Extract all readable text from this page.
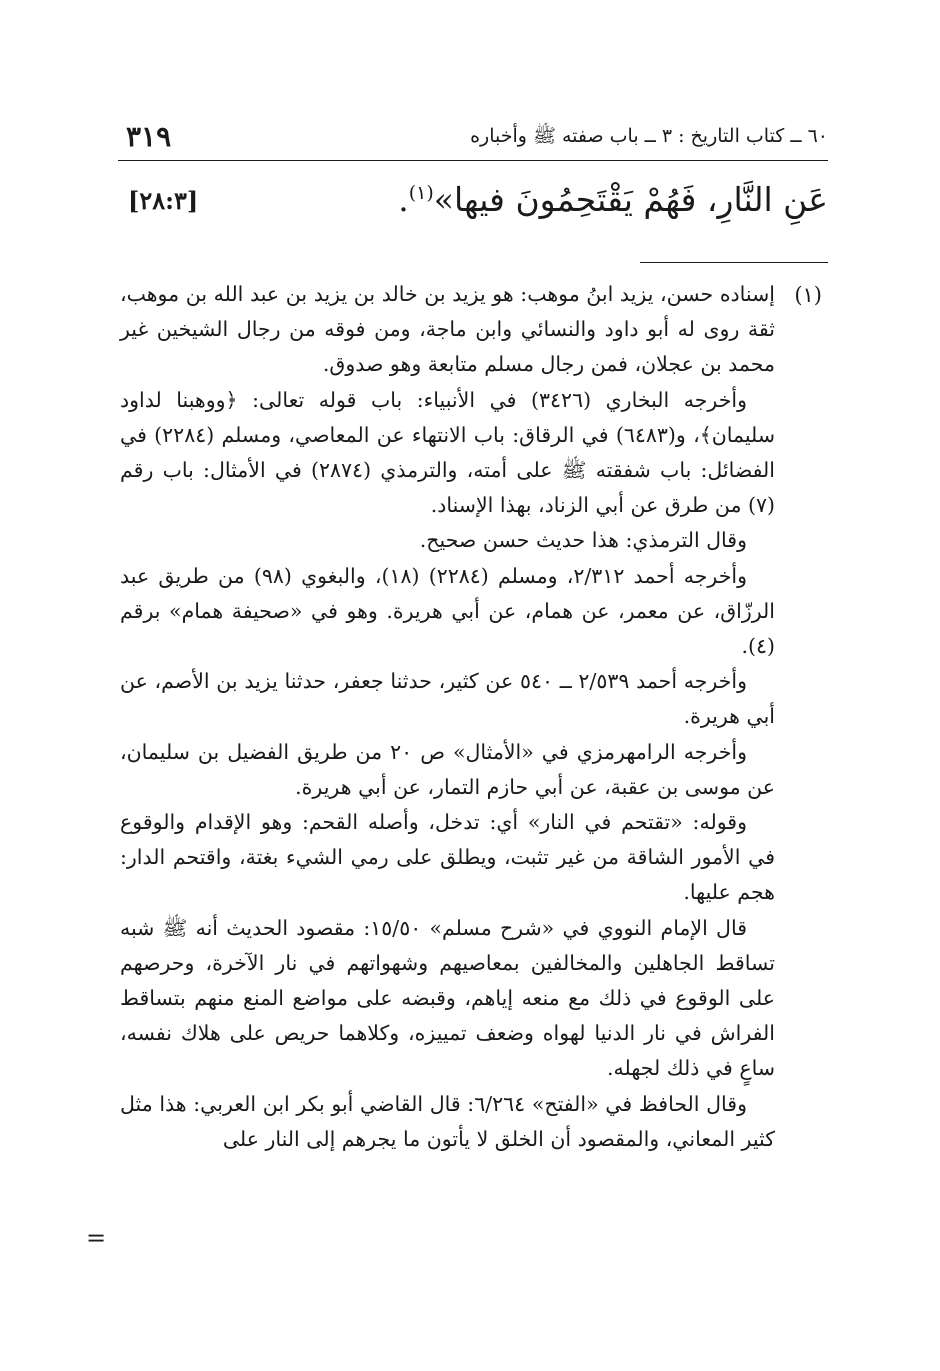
٣١٩	٦٠ ــ كتاب التاريخ : ٣ ــ باب صفته ﷺ وأخباره
عَنِ النَّارِ، فَهُمْ يَقْتَحِمُونَ فيها»$^{(١)}$.
[٢٨:٣]
(١)

إسناده حسن، يزيد ابنُ موهب: هو يزيد بن خالد بن يزيد بن عبد الله بن موهب، ثقة روى له أبو داود والنسائي وابن ماجة، ومن فوقه من رجال الشيخين غير محمد بن عجلان، فمن رجال مسلم متابعة وهو صدوق.

وأخرجه البخاري (٣٤٢٦) في الأنبياء: باب قوله تعالى: ﴿ووهبنا لداود سليمان﴾، و(٦٤٨٣) في الرقاق: باب الانتهاء عن المعاصي، ومسلم (٢٢٨٤) في الفضائل: باب شفقته ﷺ على أمته، والترمذي (٢٨٧٤) في الأمثال: باب رقم (٧) من طرق عن أبي الزناد، بهذا الإسناد.

وقال الترمذي: هذا حديث حسن صحيح.

وأخرجه أحمد ٢/٣١٢، ومسلم (٢٢٨٤) (١٨)، والبغوي (٩٨) من طريق عبد الرزّاق، عن معمر، عن همام، عن أبي هريرة. وهو في «صحيفة همام» برقم (٤).

وأخرجه أحمد ٢/٥٣٩ ــ ٥٤٠ عن كثير، حدثنا جعفر، حدثنا يزيد بن الأصم، عن أبي هريرة.

وأخرجه الرامهرمزي في «الأمثال» ص ٢٠ من طريق الفضيل بن سليمان، عن موسى بن عقبة، عن أبي حازم التمار، عن أبي هريرة.

وقوله: «تقتحم في النار» أي: تدخل، وأصله القحم: وهو الإقدام والوقوع في الأمور الشاقة من غير تثبت، ويطلق على رمي الشيء بغتة، واقتحم الدار: هجم عليها.

قال الإمام النووي في «شرح مسلم» ١٥/٥٠: مقصود الحديث أنه ﷺ شبه تساقط الجاهلين والمخالفين بمعاصيهم وشهواتهم في نار الآخرة، وحرصهم على الوقوع في ذلك مع منعه إياهم، وقبضه على مواضع المنع منهم بتساقط الفراش في نار الدنيا لهواه وضعف تمييزه، وكلاهما حريص على هلاك نفسه، ساعٍ في ذلك لجهله.

وقال الحافظ في «الفتح» ٦/٢٦٤: قال القاضي أبو بكر ابن العربي: هذا مثل كثير المعاني، والمقصود أن الخلق لا يأتون ما يجرهم إلى النار على

=
